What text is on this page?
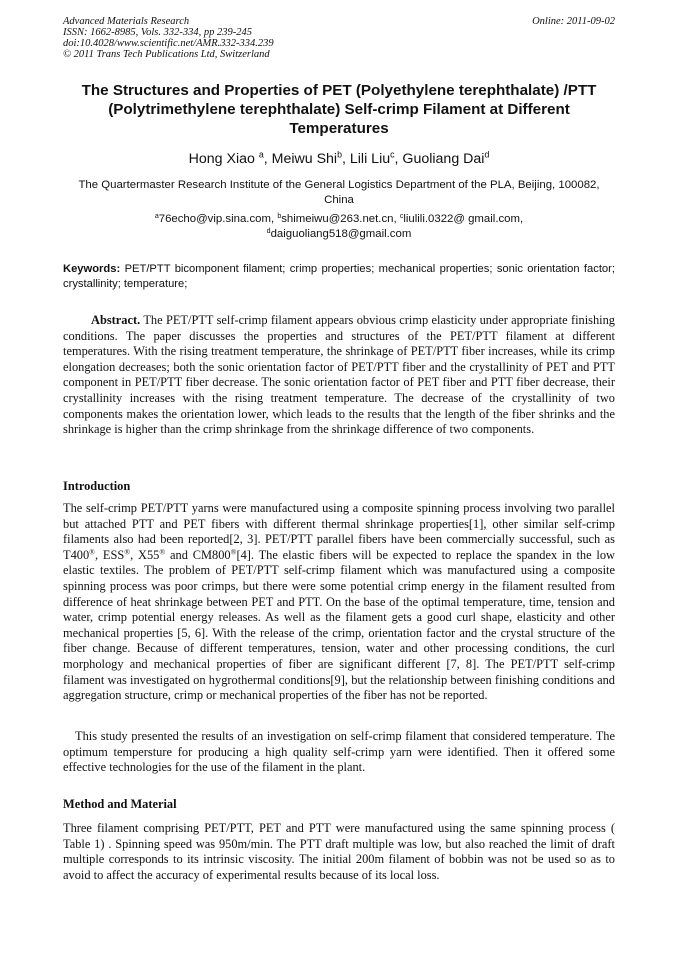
Advanced Materials Research
ISSN: 1662-8985, Vols. 332-334, pp 239-245
doi:10.4028/www.scientific.net/AMR.332-334.239
© 2011 Trans Tech Publications Ltd, Switzerland
Online: 2011-09-02
The Structures and Properties of PET (Polyethylene terephthalate) /PTT (Polytrimethylene terephthalate) Self-crimp Filament at Different Temperatures
Hong Xiao $^a$, Meiwu Shi$^b$, Lili Liu$^c$, Guoliang Dai$^d$
The Quartermaster Research Institute of the General Logistics Department of the PLA, Beijing, 100082, China
$^a$76echo@vip.sina.com, $^b$shimeiwu@263.net.cn, $^c$liulili.0322@ gmail.com,
$^d$daiguoliang518@gmail.com
Keywords: PET/PTT bicomponent filament; crimp properties; mechanical properties; sonic orientation factor; crystallinity; temperature;

Abstract. The PET/PTT self-crimp filament appears obvious crimp elasticity under appropriate finishing conditions. The paper discusses the properties and structures of the PET/PTT filament at different temperatures. With the rising treatment temperature, the shrinkage of PET/PTT fiber increases, while its crimp elongation decreases; both the sonic orientation factor of PET/PTT fiber and the crystallinity of PET and PTT component in PET/PTT fiber decrease. The sonic orientation factor of PET fiber and PTT fiber decrease, their crystallinity increases with the rising treatment temperature. The decrease of the crystallinity of two components makes the orientation lower, which leads to the results that the length of the fiber shrinks and the shrinkage is higher than the crimp shrinkage from the shrinkage difference of two components.

Introduction

The self-crimp PET/PTT yarns were manufactured using a composite spinning process involving two parallel but attached PTT and PET fibers with different thermal shrinkage properties[1], other similar self-crimp filaments also had been reported[2, 3]. PET/PTT parallel fibers have been commercially successful, such as T400®, ESS®, X55® and CM800®[4]. The elastic fibers will be expected to replace the spandex in the low elastic textiles. The problem of PET/PTT self-crimp filament which was manufactured using a composite spinning process was poor crimps, but there were some potential crimp energy in the filament resulted from difference of heat shrinkage between PET and PTT. On the base of the optimal temperature, time, tension and water, crimp potential energy releases. As well as the filament gets a good curl shape, elasticity and other mechanical properties [5, 6]. With the release of the crimp, orientation factor and the crystal structure of the fiber change. Because of different temperatures, tension, water and other processing conditions, the curl morphology and mechanical properties of fiber are significant different [7, 8]. The PET/PTT self-crimp filament was investigated on hygrothermal conditions[9], but the relationship between finishing conditions and aggregation structure, crimp or mechanical properties of the fiber has not be reported.

This study presented the results of an investigation on self-crimp filament that considered temperature. The optimum tempersture for producing a high quality self-crimp yarn were identified. Then it offered some effective technologies for the use of the filament in the plant.

Method and Material

Three filament comprising PET/PTT, PET and PTT were manufactured using the same spinning process ( Table 1) . Spinning speed was 950m/min. The PTT draft multiple was low, but also reached the limit of draft multiple corresponds to its intrinsic viscosity. The initial 200m filament of bobbin was not be used so as to avoid to affect the accuracy of experimental results because of its local loss.
